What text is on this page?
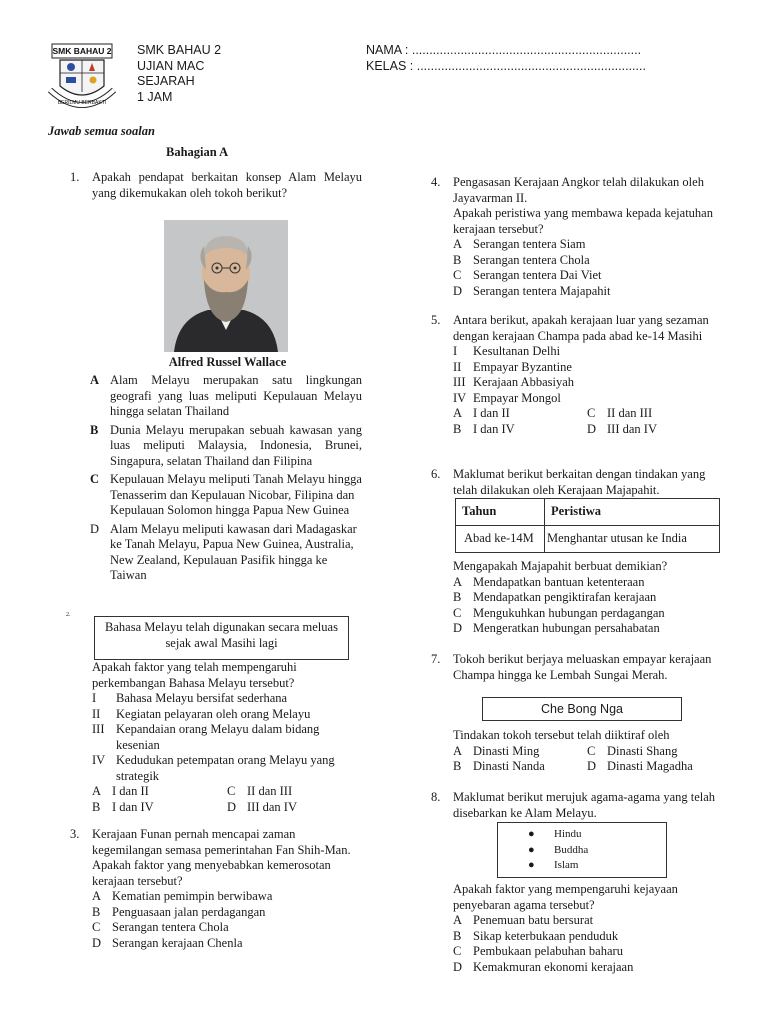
SMK BAHAU 2
BERILMU BERBAKTI
SMK BAHAU 2
UJIAN MAC
SEJARAH
1 JAM
NAMA : ..................................................................
KELAS : ..................................................................
Jawab semua soalan
Bahagian A
1. Apakah pendapat berkaitan konsep Alam Melayu yang dikemukakan oleh tokoh berikut?
Alfred Russel Wallace
A Alam Melayu merupakan satu lingkungan geografi yang luas meliputi Kepulauan Melayu hingga selatan Thailand
B Dunia Melayu merupakan sebuah kawasan yang luas meliputi Malaysia, Indonesia, Brunei, Singapura, selatan Thailand dan Filipina
C Kepulauan Melayu meliputi Tanah Melayu hingga Tenasserim dan Kepulauan Nicobar, Filipina dan Kepulauan Solomon hingga Papua New Guinea
D Alam Melayu meliputi kawasan dari Madagaskar ke Tanah Melayu, Papua New Guinea, Australia, New Zealand, Kepulauan Pasifik hingga ke Taiwan
2.
Bahasa Melayu telah digunakan secara meluas sejak awal Masihi lagi
Apakah faktor yang telah mempengaruhi perkembangan Bahasa Melayu tersebut?
I	Bahasa Melayu bersifat sederhana
II	Kegiatan pelayaran oleh orang Melayu
III Kepandaian orang Melayu dalam bidang kesenian
IV Kedudukan petempatan orang Melayu yang strategik
A I dan II	C II dan III
B I dan IV	D III dan IV
3. Kerajaan Funan pernah mencapai zaman kegemilangan semasa pemerintahan Fan Shih-Man.
Apakah faktor yang menyebabkan kemerosotan kerajaan tersebut?
A Kematian pemimpin berwibawa
B Penguasaan jalan perdagangan
C Serangan tentera Chola
D Serangan kerajaan Chenla
4. Pengasasan Kerajaan Angkor telah dilakukan oleh Jayavarman II.
Apakah peristiwa yang membawa kepada kejatuhan kerajaan tersebut?
A Serangan tentera Siam
B Serangan tentera Chola
C Serangan tentera Dai Viet
D Serangan tentera Majapahit
5. Antara berikut, apakah kerajaan luar yang sezaman dengan kerajaan Champa pada abad ke-14 Masihi
I	Kesultanan Delhi
II Empayar Byzantine
III Kerajaan Abbasiyah
IV Empayar Mongol
A I dan II	C II dan III
B I dan IV	D III dan IV
6. Maklumat berikut berkaitan dengan tindakan yang telah dilakukan oleh Kerajaan Majapahit.
Tahun	Peristiwa
Abad ke-14M	Menghantar utusan ke India
Mengapakah Majapahit berbuat demikian?
A Mendapatkan bantuan ketenteraan
B Mendapatkan pengiktirafan kerajaan
C Mengukuhkan hubungan perdagangan
D Mengeratkan hubungan persahabatan
7. Tokoh berikut berjaya meluaskan empayar kerajaan Champa hingga ke Lembah Sungai Merah.
Che Bong Nga
Tindakan tokoh tersebut telah diiktiraf oleh
A Dinasti Ming	C Dinasti Shang
B Dinasti Nanda	D Dinasti Magadha
8. Maklumat berikut merujuk agama-agama yang telah disebarkan ke Alam Melayu.
●	Hindu
●	Buddha
●	Islam
Apakah faktor yang mempengaruhi kejayaan penyebaran agama tersebut?
A Penemuan batu bersurat
B Sikap keterbukaan penduduk
C Pembukaan pelabuhan baharu
D Kemakmuran ekonomi kerajaan
